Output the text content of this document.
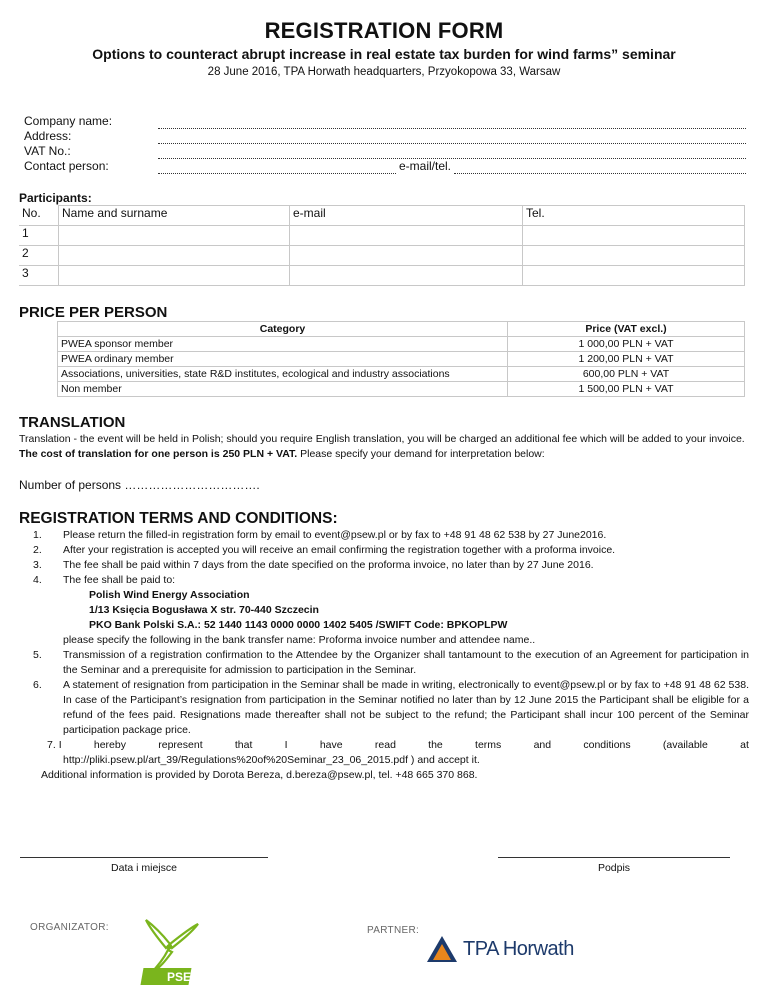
REGISTRATION FORM
Options to counteract abrupt increase in real estate tax burden for wind farms” seminar
28 June 2016, TPA Horwath headquarters, Przyokopowa 33, Warsaw
Company name:
Address:
VAT No.:
Contact person:	e-mail/tel.
Participants:
No.	Name and surname	e-mail	Tel.
1			
2			
3			
PRICE PER PERSON
Category	Price (VAT excl.)
PWEA sponsor member	1 000,00 PLN + VAT
PWEA ordinary member	1 200,00 PLN + VAT
Associations, universities, state R&D institutes, ecological and industry associations	600,00 PLN + VAT
Non member	1 500,00 PLN + VAT
TRANSLATION
Translation - the event will be held in Polish; should you require English translation, you will be charged an additional fee which will be added to your invoice. The cost of translation for one person is 250 PLN + VAT. Please specify your demand for interpretation below:
Number of persons …………………………….
REGISTRATION TERMS AND CONDITIONS:
1.	Please return the filled-in registration form by email to event@psew.pl or by fax to +48 91 48 62 538 by 27 June2016.
2.	After your registration is accepted you will receive an email confirming the registration together with a proforma invoice.
3.	The fee shall be paid within 7 days from the date specified on the proforma invoice, no later than by 27 June 2016.
4.	The fee shall be paid to:
Polish Wind Energy Association
1/13 Księcia Bogusława X str. 70-440 Szczecin
PKO Bank Polski S.A.: 52 1440 1143 0000 0000 1402 5405 /SWIFT Code: BPKOPLPW
please specify the following in the bank transfer name: Proforma invoice number and attendee name..
5.	Transmission of a registration confirmation to the Attendee by the Organizer shall tantamount to the execution of an Agreement for participation in the Seminar and a prerequisite for admission to participation in the Seminar.
6.	A statement of resignation from participation in the Seminar shall be made in writing, electronically to event@psew.pl or by fax to +48 91 48 62 538. In case of the Participant’s resignation from participation in the Seminar notified no later than by 12 June 2015 the Participant shall be eligible for a refund of the fees paid. Resignations made thereafter shall not be subject to the refund; the Participant shall incur 100 percent of the Seminar participation package price.
7. I	hereby	represent	that	I	have	read	the	terms	and	conditions	(available	at
http://pliki.psew.pl/art_39/Regulations%20of%20Seminar_23_06_2015.pdf ) and accept it.
Additional information is provided by Dorota Bereza, d.bereza@psew.pl, tel. +48 665 370 868.
Data i miejsce	Podpis
ORGANIZATOR:
PSEW
PARTNER:
TPA Horwath
